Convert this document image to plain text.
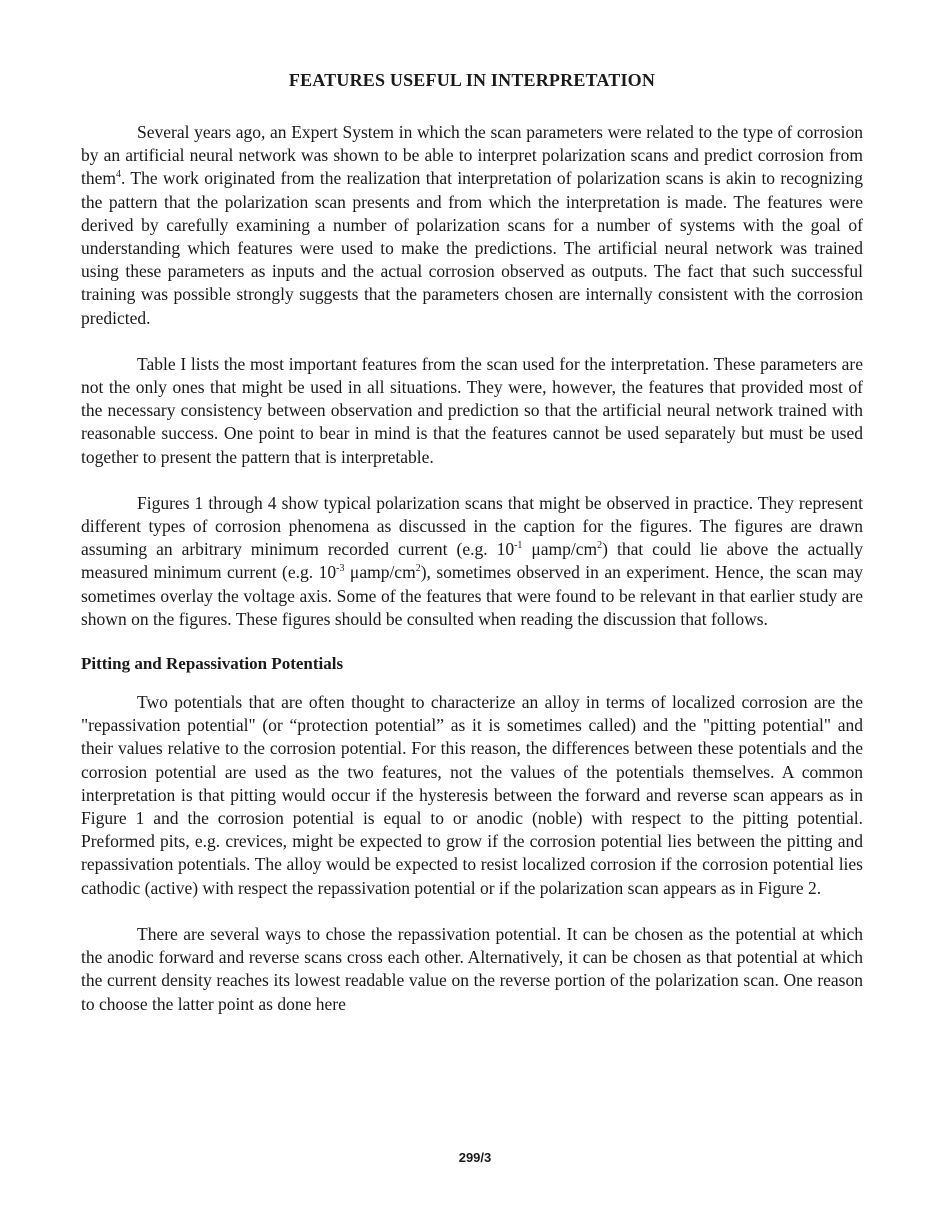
FEATURES USEFUL IN INTERPRETATION

Several years ago, an Expert System in which the scan parameters were related to the type of corrosion by an artificial neural network was shown to be able to interpret polarization scans and predict corrosion from them$^4$. The work originated from the realization that interpretation of polarization scans is akin to recognizing the pattern that the polarization scan presents and from which the interpretation is made. The features were derived by carefully examining a number of polarization scans for a number of systems with the goal of understanding which features were used to make the predictions. The artificial neural network was trained using these parameters as inputs and the actual corrosion observed as outputs. The fact that such successful training was possible strongly suggests that the parameters chosen are internally consistent with the corrosion predicted.

Table I lists the most important features from the scan used for the interpretation. These parameters are not the only ones that might be used in all situations. They were, however, the features that provided most of the necessary consistency between observation and prediction so that the artificial neural network trained with reasonable success. One point to bear in mind is that the features cannot be used separately but must be used together to present the pattern that is interpretable.

Figures 1 through 4 show typical polarization scans that might be observed in practice. They represent different types of corrosion phenomena as discussed in the caption for the figures. The figures are drawn assuming an arbitrary minimum recorded current (e.g. $10^{-1}$ μamp/$cm^2$) that could lie above the actually measured minimum current (e.g. $10^{-3}$ μamp/$cm^2$), sometimes observed in an experiment. Hence, the scan may sometimes overlay the voltage axis. Some of the features that were found to be relevant in that earlier study are shown on the figures. These figures should be consulted when reading the discussion that follows.

Pitting and Repassivation Potentials

Two potentials that are often thought to characterize an alloy in terms of localized corrosion are the "repassivation potential" (or “protection potential” as it is sometimes called) and the "pitting potential" and their values relative to the corrosion potential. For this reason, the differences between these potentials and the corrosion potential are used as the two features, not the values of the potentials themselves. A common interpretation is that pitting would occur if the hysteresis between the forward and reverse scan appears as in Figure 1 and the corrosion potential is equal to or anodic (noble) with respect to the pitting potential. Preformed pits, e.g. crevices, might be expected to grow if the corrosion potential lies between the pitting and repassivation potentials. The alloy would be expected to resist localized corrosion if the corrosion potential lies cathodic (active) with respect the repassivation potential or if the polarization scan appears as in Figure 2.

There are several ways to chose the repassivation potential. It can be chosen as the potential at which the anodic forward and reverse scans cross each other. Alternatively, it can be chosen as that potential at which the current density reaches its lowest readable value on the reverse portion of the polarization scan. One reason to choose the latter point as done here

299/3
